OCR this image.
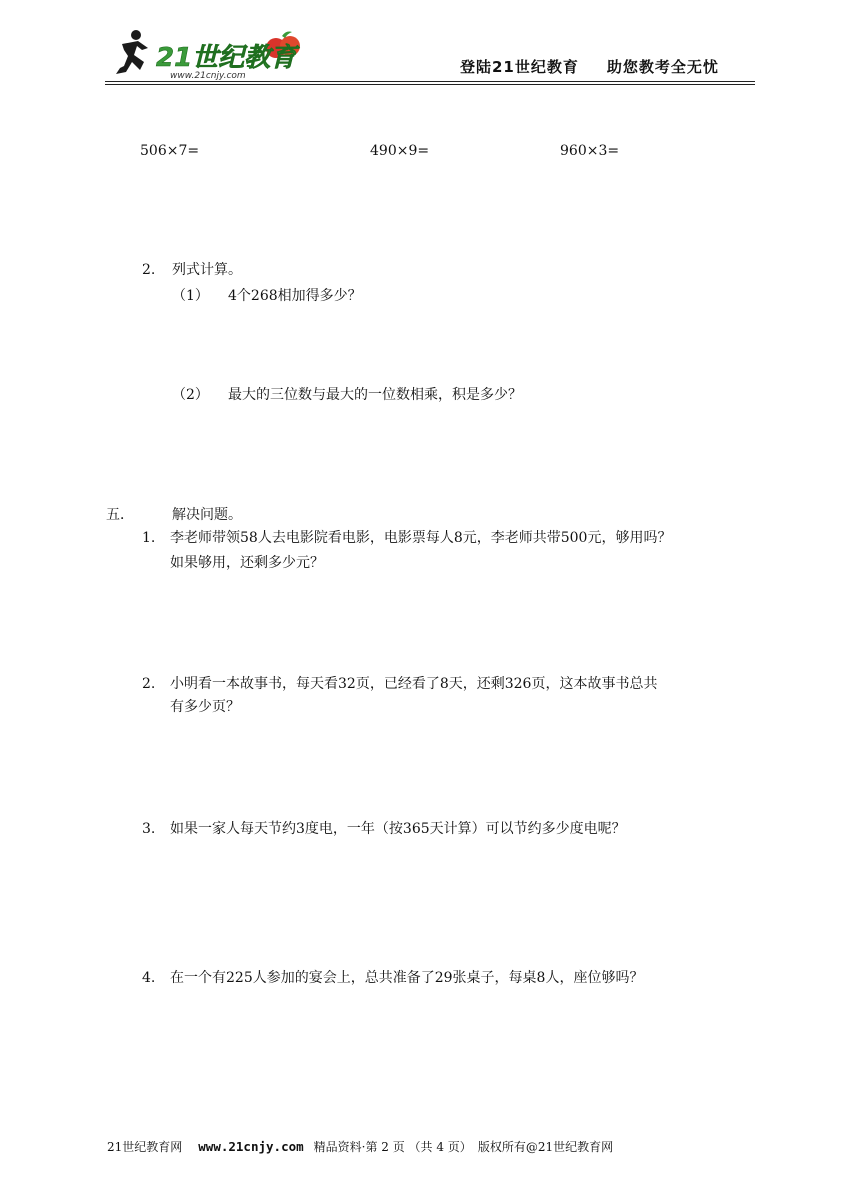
21世纪教育
www.21cnjy.com	登陆21世纪教育 助您教考全无忧
506×7=	490×9=	960×3=
2. 列式计算。
（1） 4个268相加得多少？
（2） 最大的三位数与最大的一位数相乘，积是多少？
五．	解决问题。
1. 李老师带领58人去电影院看电影，电影票每人8元，李老师共带500元，够用吗？
如果够用，还剩多少元？
2. 小明看一本故事书，每天看32页，已经看了8天，还剩326页，这本故事书总共
有多少页？
3. 如果一家人每天节约3度电，一年（按365天计算）可以节约多少度电呢？
4. 在一个有225人参加的宴会上，总共准备了29张桌子，每桌8人，座位够吗？
21世纪教育网 www.21cnjy.com 精品资料·第 2 页 （共 4 页） 版权所有@21世纪教育网
